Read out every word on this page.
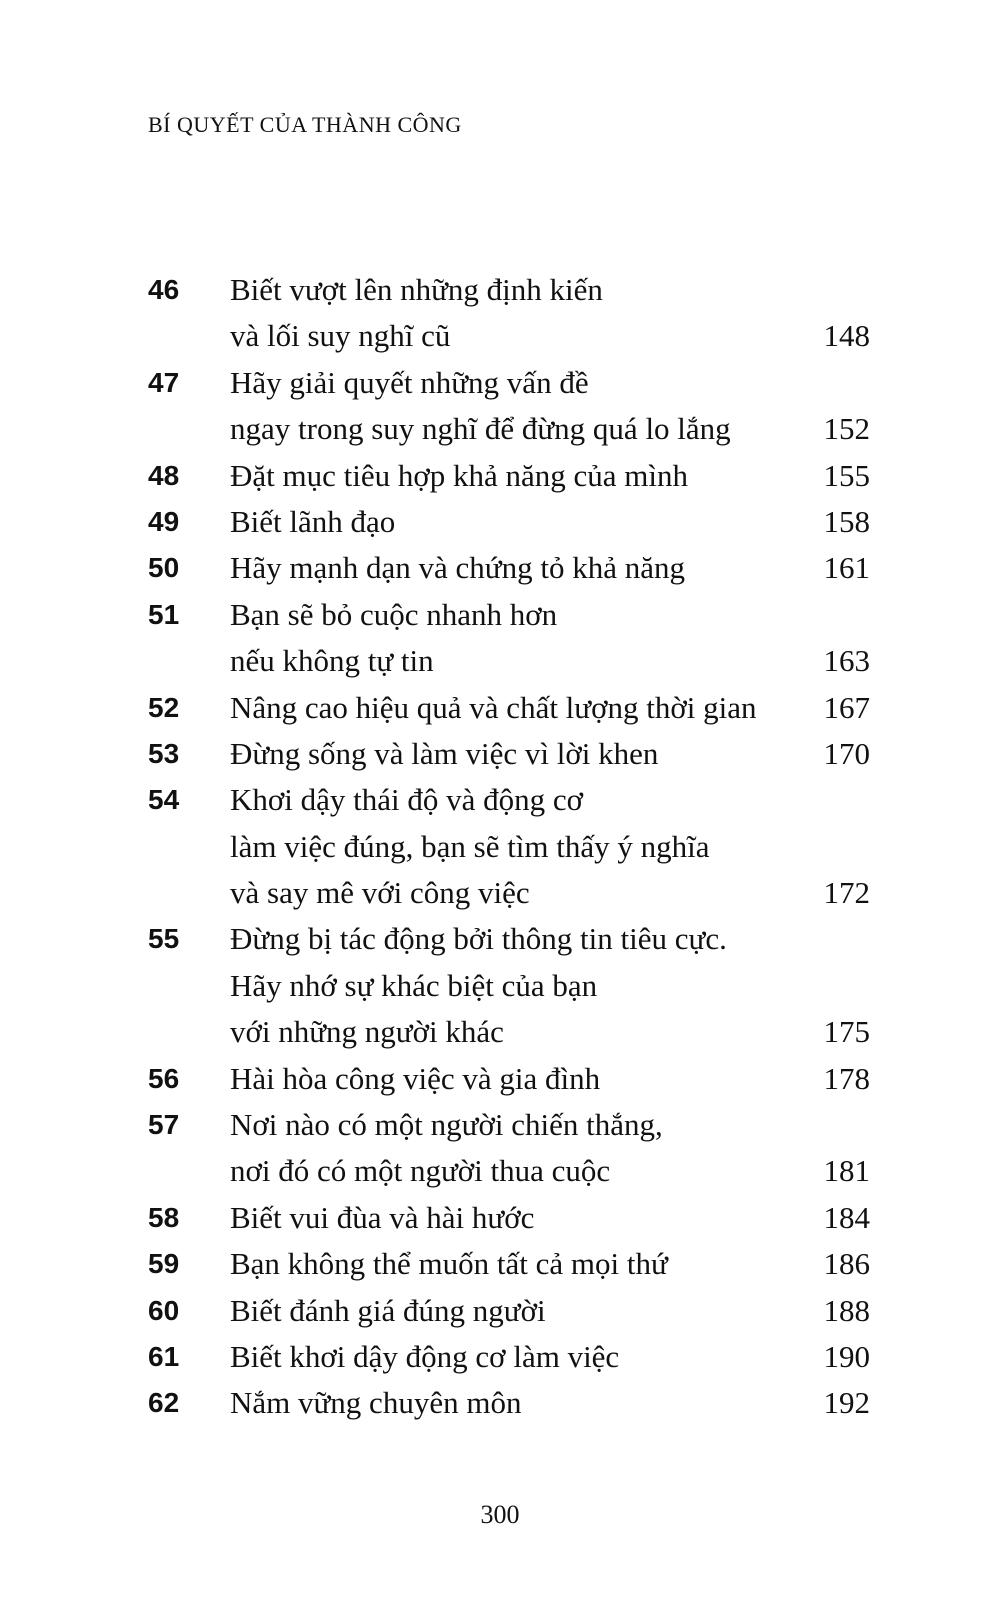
BÍ QUYẾT CỦA THÀNH CÔNG
46	Biết vượt lên những định kiến
và lối suy nghĩ cũ	148
47	Hãy giải quyết những vấn đề
ngay trong suy nghĩ để đừng quá lo lắng	152
48	Đặt mục tiêu hợp khả năng của mình	155
49	Biết lãnh đạo	158
50	Hãy mạnh dạn và chứng tỏ khả năng	161
51	Bạn sẽ bỏ cuộc nhanh hơn
nếu không tự tin	163
52	Nâng cao hiệu quả và chất lượng thời gian 167
53	Đừng sống và làm việc vì lời khen	170
54	Khơi dậy thái độ và động cơ
làm việc đúng, bạn sẽ tìm thấy ý nghĩa
và say mê với công việc	172
55	Đừng bị tác động bởi thông tin tiêu cực.
Hãy nhớ sự khác biệt của bạn
với những người khác	175
56	Hài hòa công việc và gia đình	178
57	Nơi nào có một người chiến thắng,
nơi đó có một người thua cuộc	181
58	Biết vui đùa và hài hước	184
59	Bạn không thể muốn tất cả mọi thứ	186
60	Biết đánh giá đúng người	188
61	Biết khơi dậy động cơ làm việc	190
62	Nắm vững chuyên môn	192
300
